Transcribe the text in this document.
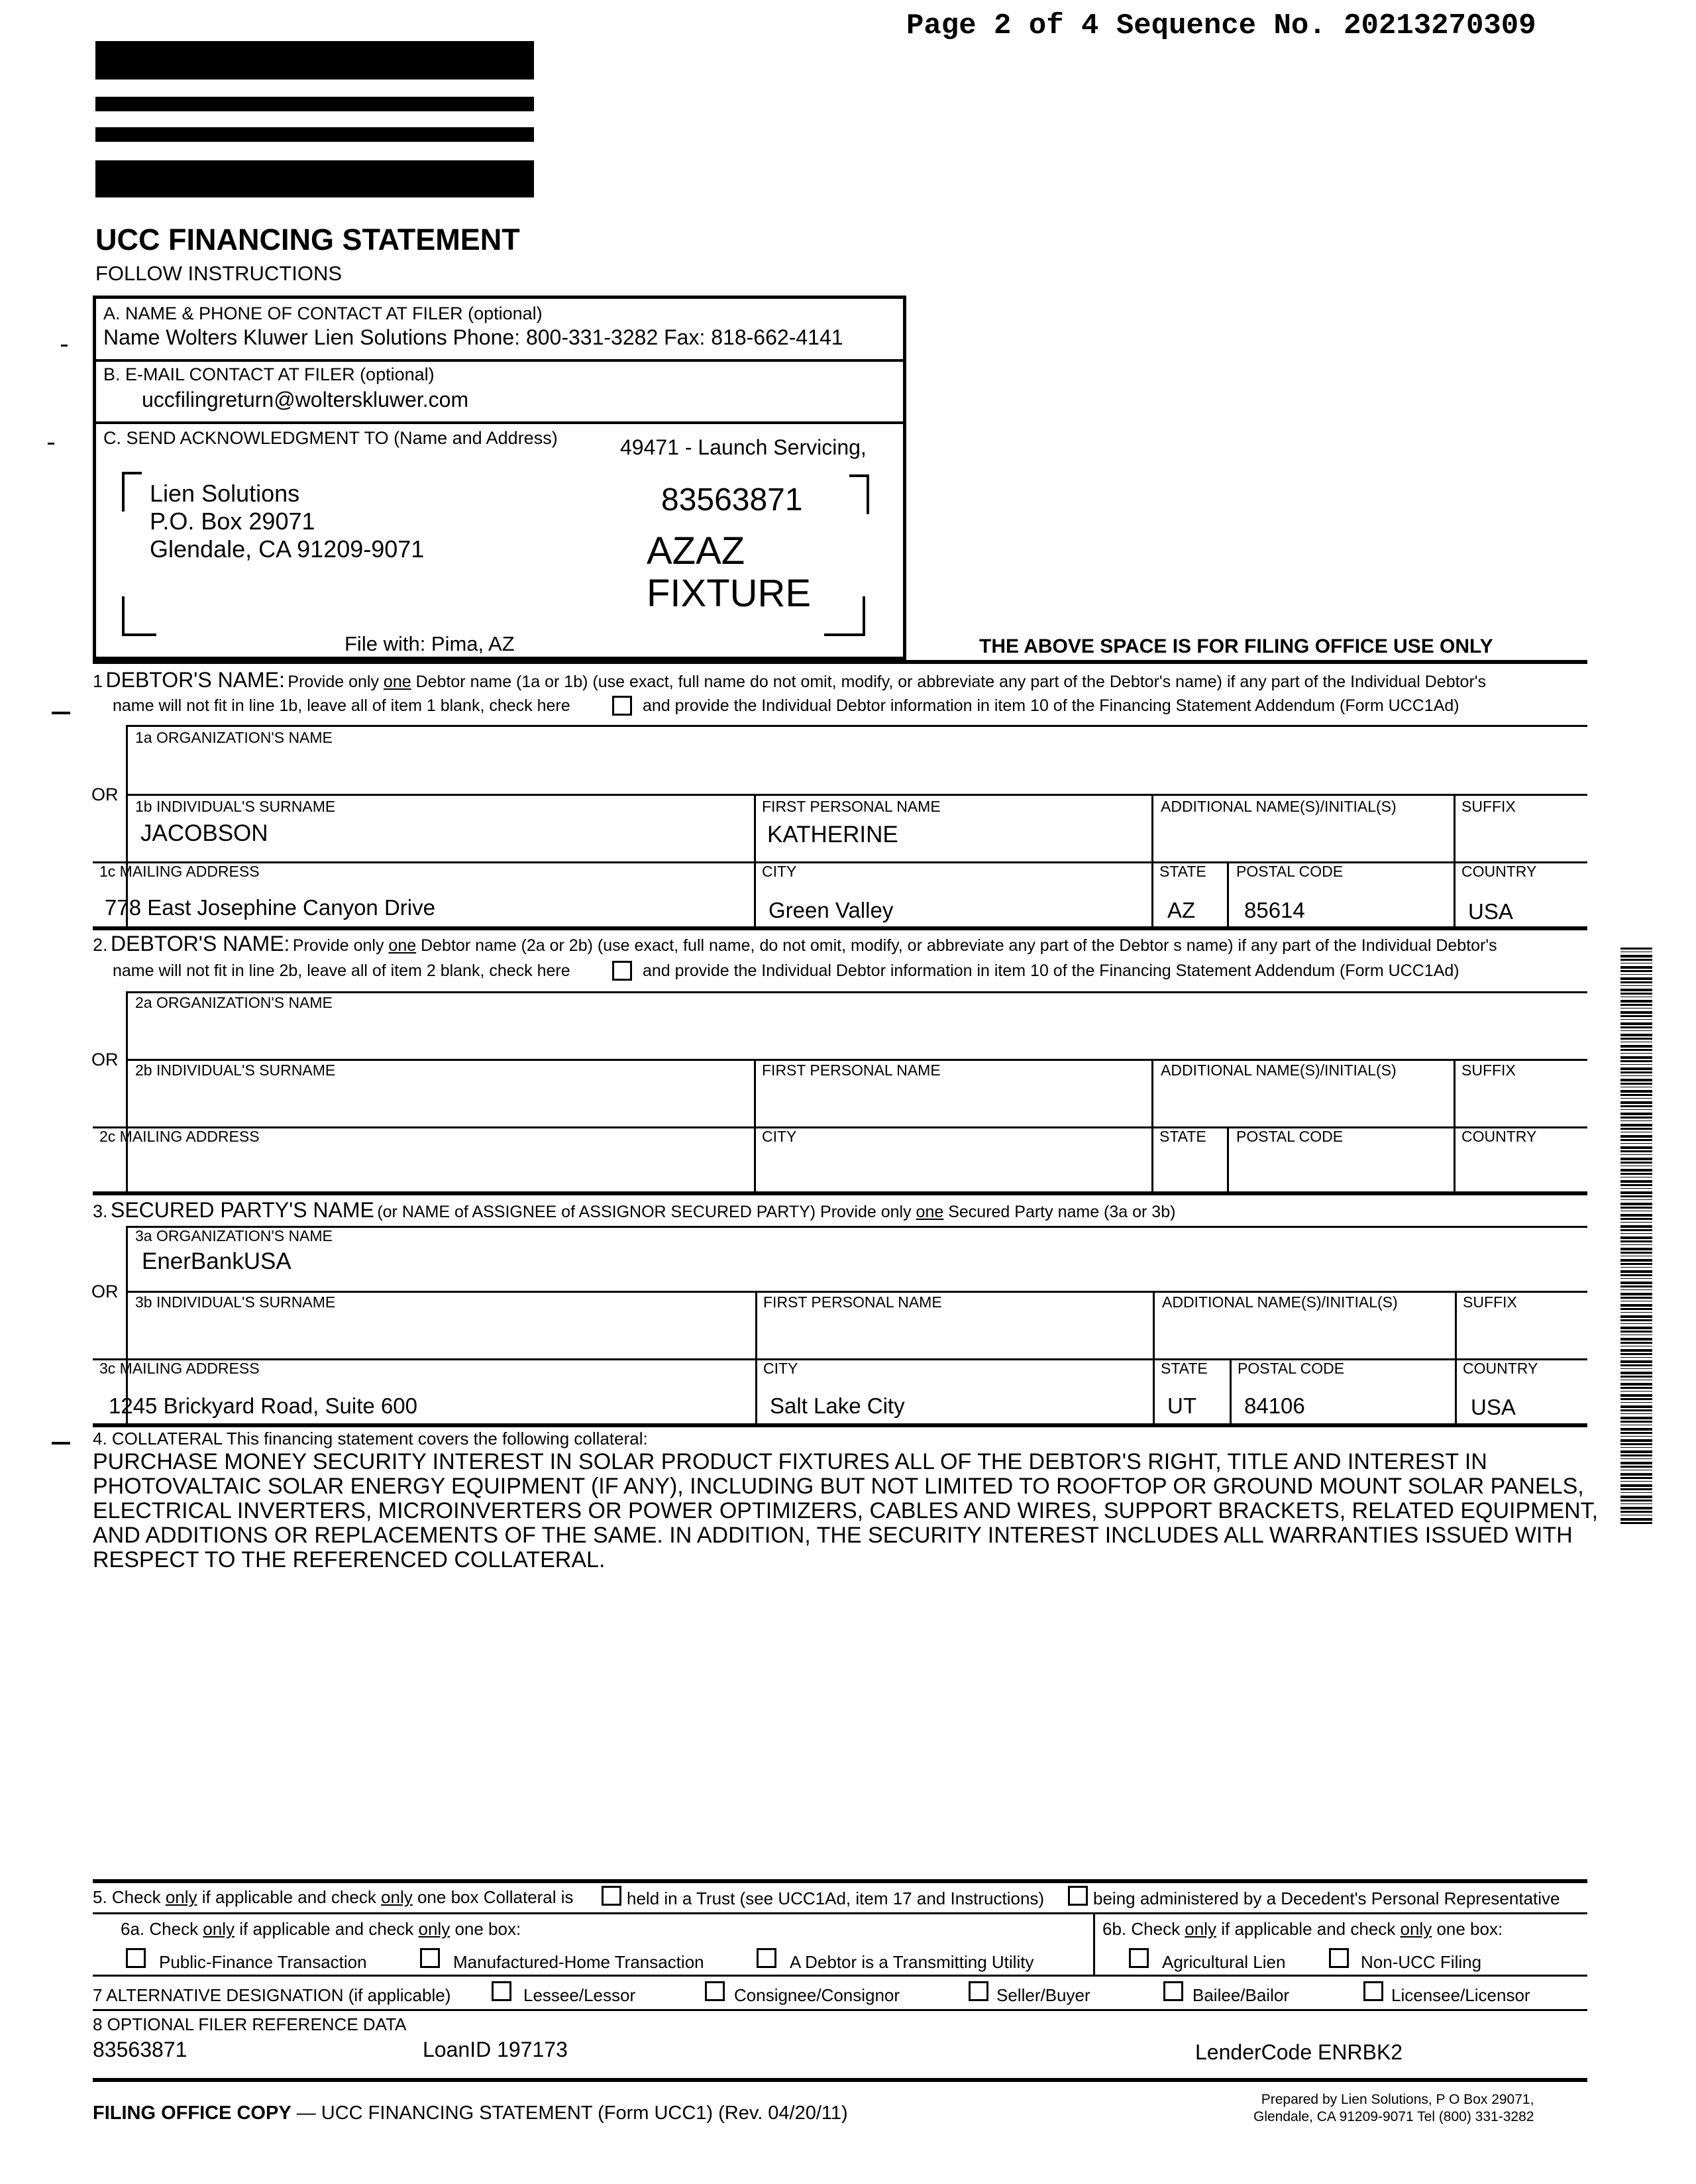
Page 2 of 4 Sequence No. 20213270309
UCC FINANCING STATEMENT
FOLLOW INSTRUCTIONS
A. NAME & PHONE OF CONTACT AT FILER (optional)
Name Wolters Kluwer Lien Solutions Phone: 800-331-3282 Fax: 818-662-4141
B. E-MAIL CONTACT AT FILER (optional)
uccfilingreturn@wolterskluwer.com
C. SEND ACKNOWLEDGMENT TO (Name and Address)	49471 - Launch Servicing,
Lien Solutions
P.O. Box 29071
Glendale, CA 91209-9071
83563871
AZAZ
FIXTURE
File with: Pima, AZ	THE ABOVE SPACE IS FOR FILING OFFICE USE ONLY
1 DEBTOR'S NAME: Provide only one Debtor name (1a or 1b) (use exact, full name do not omit, modify, or abbreviate any part of the Debtor's name) if any part of the Individual Debtor's
name will not fit in line 1b, leave all of item 1 blank, check here	and provide the Individual Debtor information in item 10 of the Financing Statement Addendum (Form UCC1Ad)
1a ORGANIZATION'S NAME
OR
1b INDIVIDUAL'S SURNAME
JACOBSON
FIRST PERSONAL NAME
KATHERINE
ADDITIONAL NAME(S)/INITIAL(S)	SUFFIX
1c MAILING ADDRESS
778 East Josephine Canyon Drive
CITY
Green Valley
STATE
AZ
POSTAL CODE
85614
COUNTRY
USA
2. DEBTOR'S NAME: Provide only one Debtor name (2a or 2b) (use exact, full name, do not omit, modify, or abbreviate any part of the Debtor s name) if any part of the Individual Debtor's
name will not fit in line 2b, leave all of item 2 blank, check here	and provide the Individual Debtor information in item 10 of the Financing Statement Addendum (Form UCC1Ad)
2a ORGANIZATION'S NAME
OR
2b INDIVIDUAL'S SURNAME	FIRST PERSONAL NAME	ADDITIONAL NAME(S)/INITIAL(S)	SUFFIX
2c MAILING ADDRESS	CITY	STATE POSTAL CODE	COUNTRY
3. SECURED PARTY'S NAME (or NAME of ASSIGNEE of ASSIGNOR SECURED PARTY) Provide only one Secured Party name (3a or 3b)
3a ORGANIZATION'S NAME
EnerBankUSA
OR
3b INDIVIDUAL'S SURNAME	FIRST PERSONAL NAME	ADDITIONAL NAME(S)/INITIAL(S)	SUFFIX
3c MAILING ADDRESS
1245 Brickyard Road, Suite 600
CITY
Salt Lake City
STATE
UT
POSTAL CODE
84106
COUNTRY
USA
4. COLLATERAL This financing statement covers the following collateral:
PURCHASE MONEY SECURITY INTEREST IN SOLAR PRODUCT FIXTURES ALL OF THE DEBTOR'S RIGHT, TITLE AND INTEREST IN
PHOTOVALTAIC SOLAR ENERGY EQUIPMENT (IF ANY), INCLUDING BUT NOT LIMITED TO ROOFTOP OR GROUND MOUNT SOLAR PANELS,
ELECTRICAL INVERTERS, MICROINVERTERS OR POWER OPTIMIZERS, CABLES AND WIRES, SUPPORT BRACKETS, RELATED EQUIPMENT,
AND ADDITIONS OR REPLACEMENTS OF THE SAME. IN ADDITION, THE SECURITY INTEREST INCLUDES ALL WARRANTIES ISSUED WITH
RESPECT TO THE REFERENCED COLLATERAL.
5. Check only if applicable and check only one box Collateral is	held in a Trust (see UCC1Ad, item 17 and Instructions)	being administered by a Decedent's Personal Representative
6a. Check only if applicable and check only one box:	6b. Check only if applicable and check only one box:
Public-Finance Transaction	Manufactured-Home Transaction	A Debtor is a Transmitting Utility	Agricultural Lien	Non-UCC Filing
7 ALTERNATIVE DESIGNATION (if applicable)	Lessee/Lessor	Consignee/Consignor	Seller/Buyer	Bailee/Bailor	Licensee/Licensor
8 OPTIONAL FILER REFERENCE DATA
83563871	LoanID 197173	LenderCode ENRBK2
FILING OFFICE COPY — UCC FINANCING STATEMENT (Form UCC1) (Rev. 04/20/11)
Prepared by Lien Solutions, P O Box 29071,
Glendale, CA 91209-9071 Tel (800) 331-3282
